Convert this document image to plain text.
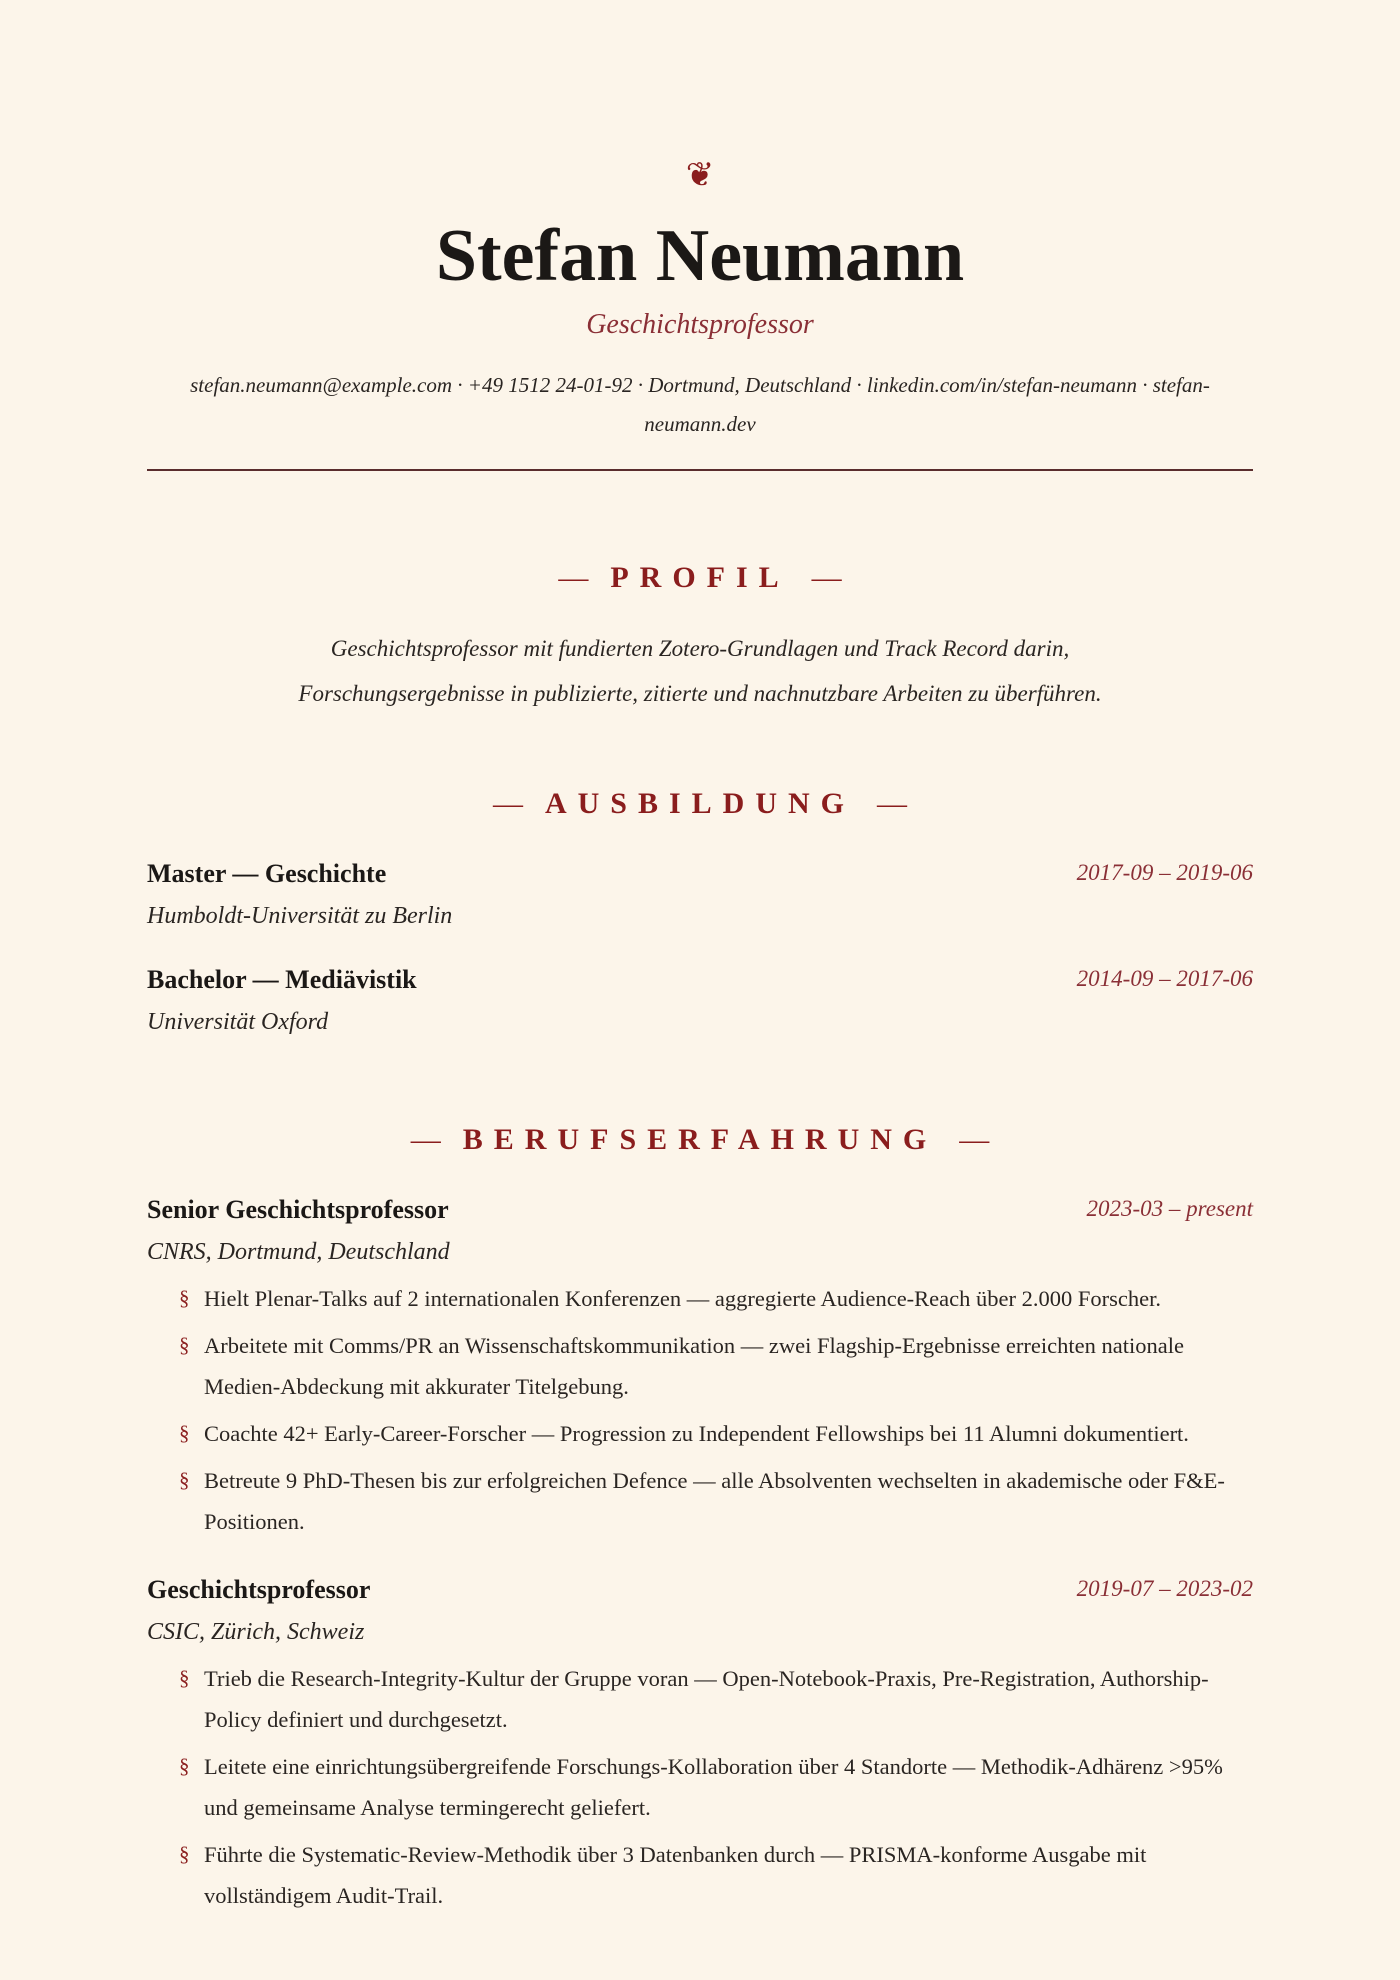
❦
Stefan Neumann
Geschichtsprofessor
stefan.neumann@example.com · +49 1512 24-01-92 · Dortmund, Deutschland · linkedin.com/in/stefan-neumann · stefan-neumann.dev
— PROFIL —
Geschichtsprofessor mit fundierten Zotero-Grundlagen und Track Record darin, Forschungsergebnisse in publizierte, zitierte und nachnutzbare Arbeiten zu überführen.
— AUSBILDUNG —
Master — Geschichte	2017-09 – 2019-06
Humboldt-Universität zu Berlin
Bachelor — Mediävistik	2014-09 – 2017-06
Universität Oxford
— BERUFSERFAHRUNG —
Senior Geschichtsprofessor	2023-03 – present
CNRS, Dortmund, Deutschland
§ Hielt Plenar-Talks auf 2 internationalen Konferenzen — aggregierte Audience-Reach über 2.000 Forscher.
§ Arbeitete mit Comms/PR an Wissenschaftskommunikation — zwei Flagship-Ergebnisse erreichten nationale Medien-Abdeckung mit akkurater Titelgebung.
§ Coachte 42+ Early-Career-Forscher — Progression zu Independent Fellowships bei 11 Alumni dokumentiert.
§ Betreute 9 PhD-Thesen bis zur erfolgreichen Defence — alle Absolventen wechselten in akademische oder F&E-Positionen.
Geschichtsprofessor	2019-07 – 2023-02
CSIC, Zürich, Schweiz
§ Trieb die Research-Integrity-Kultur der Gruppe voran — Open-Notebook-Praxis, Pre-Registration, Authorship-Policy definiert und durchgesetzt.
§ Leitete eine einrichtungsübergreifende Forschungs-Kollaboration über 4 Standorte — Methodik-Adhärenz >95% und gemeinsame Analyse termingerecht geliefert.
§ Führte die Systematic-Review-Methodik über 3 Datenbanken durch — PRISMA-konforme Ausgabe mit vollständigem Audit-Trail.
